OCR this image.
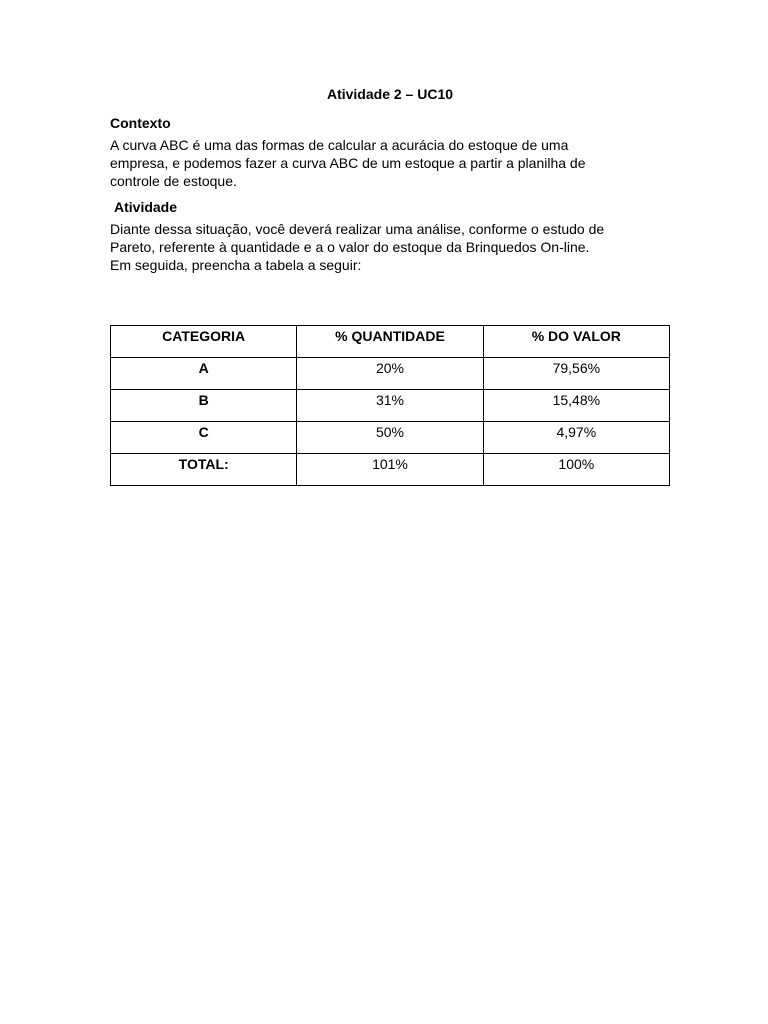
Atividade 2 – UC10
Contexto

A curva ABC é uma das formas de calcular a acurácia do estoque de uma

empresa, e podemos fazer a curva ABC de um estoque a partir a planilha de

controle de estoque.

Atividade

Diante dessa situação, você deverá realizar uma análise, conforme o estudo de

Pareto, referente à quantidade e a o valor do estoque da Brinquedos On-line.

Em seguida, preencha a tabela a seguir:

CATEGORIA	% QUANTIDADE	% DO VALOR
A	20%	79,56%
B	31%	15,48%
C	50%	4,97%
TOTAL:	101%	100%
